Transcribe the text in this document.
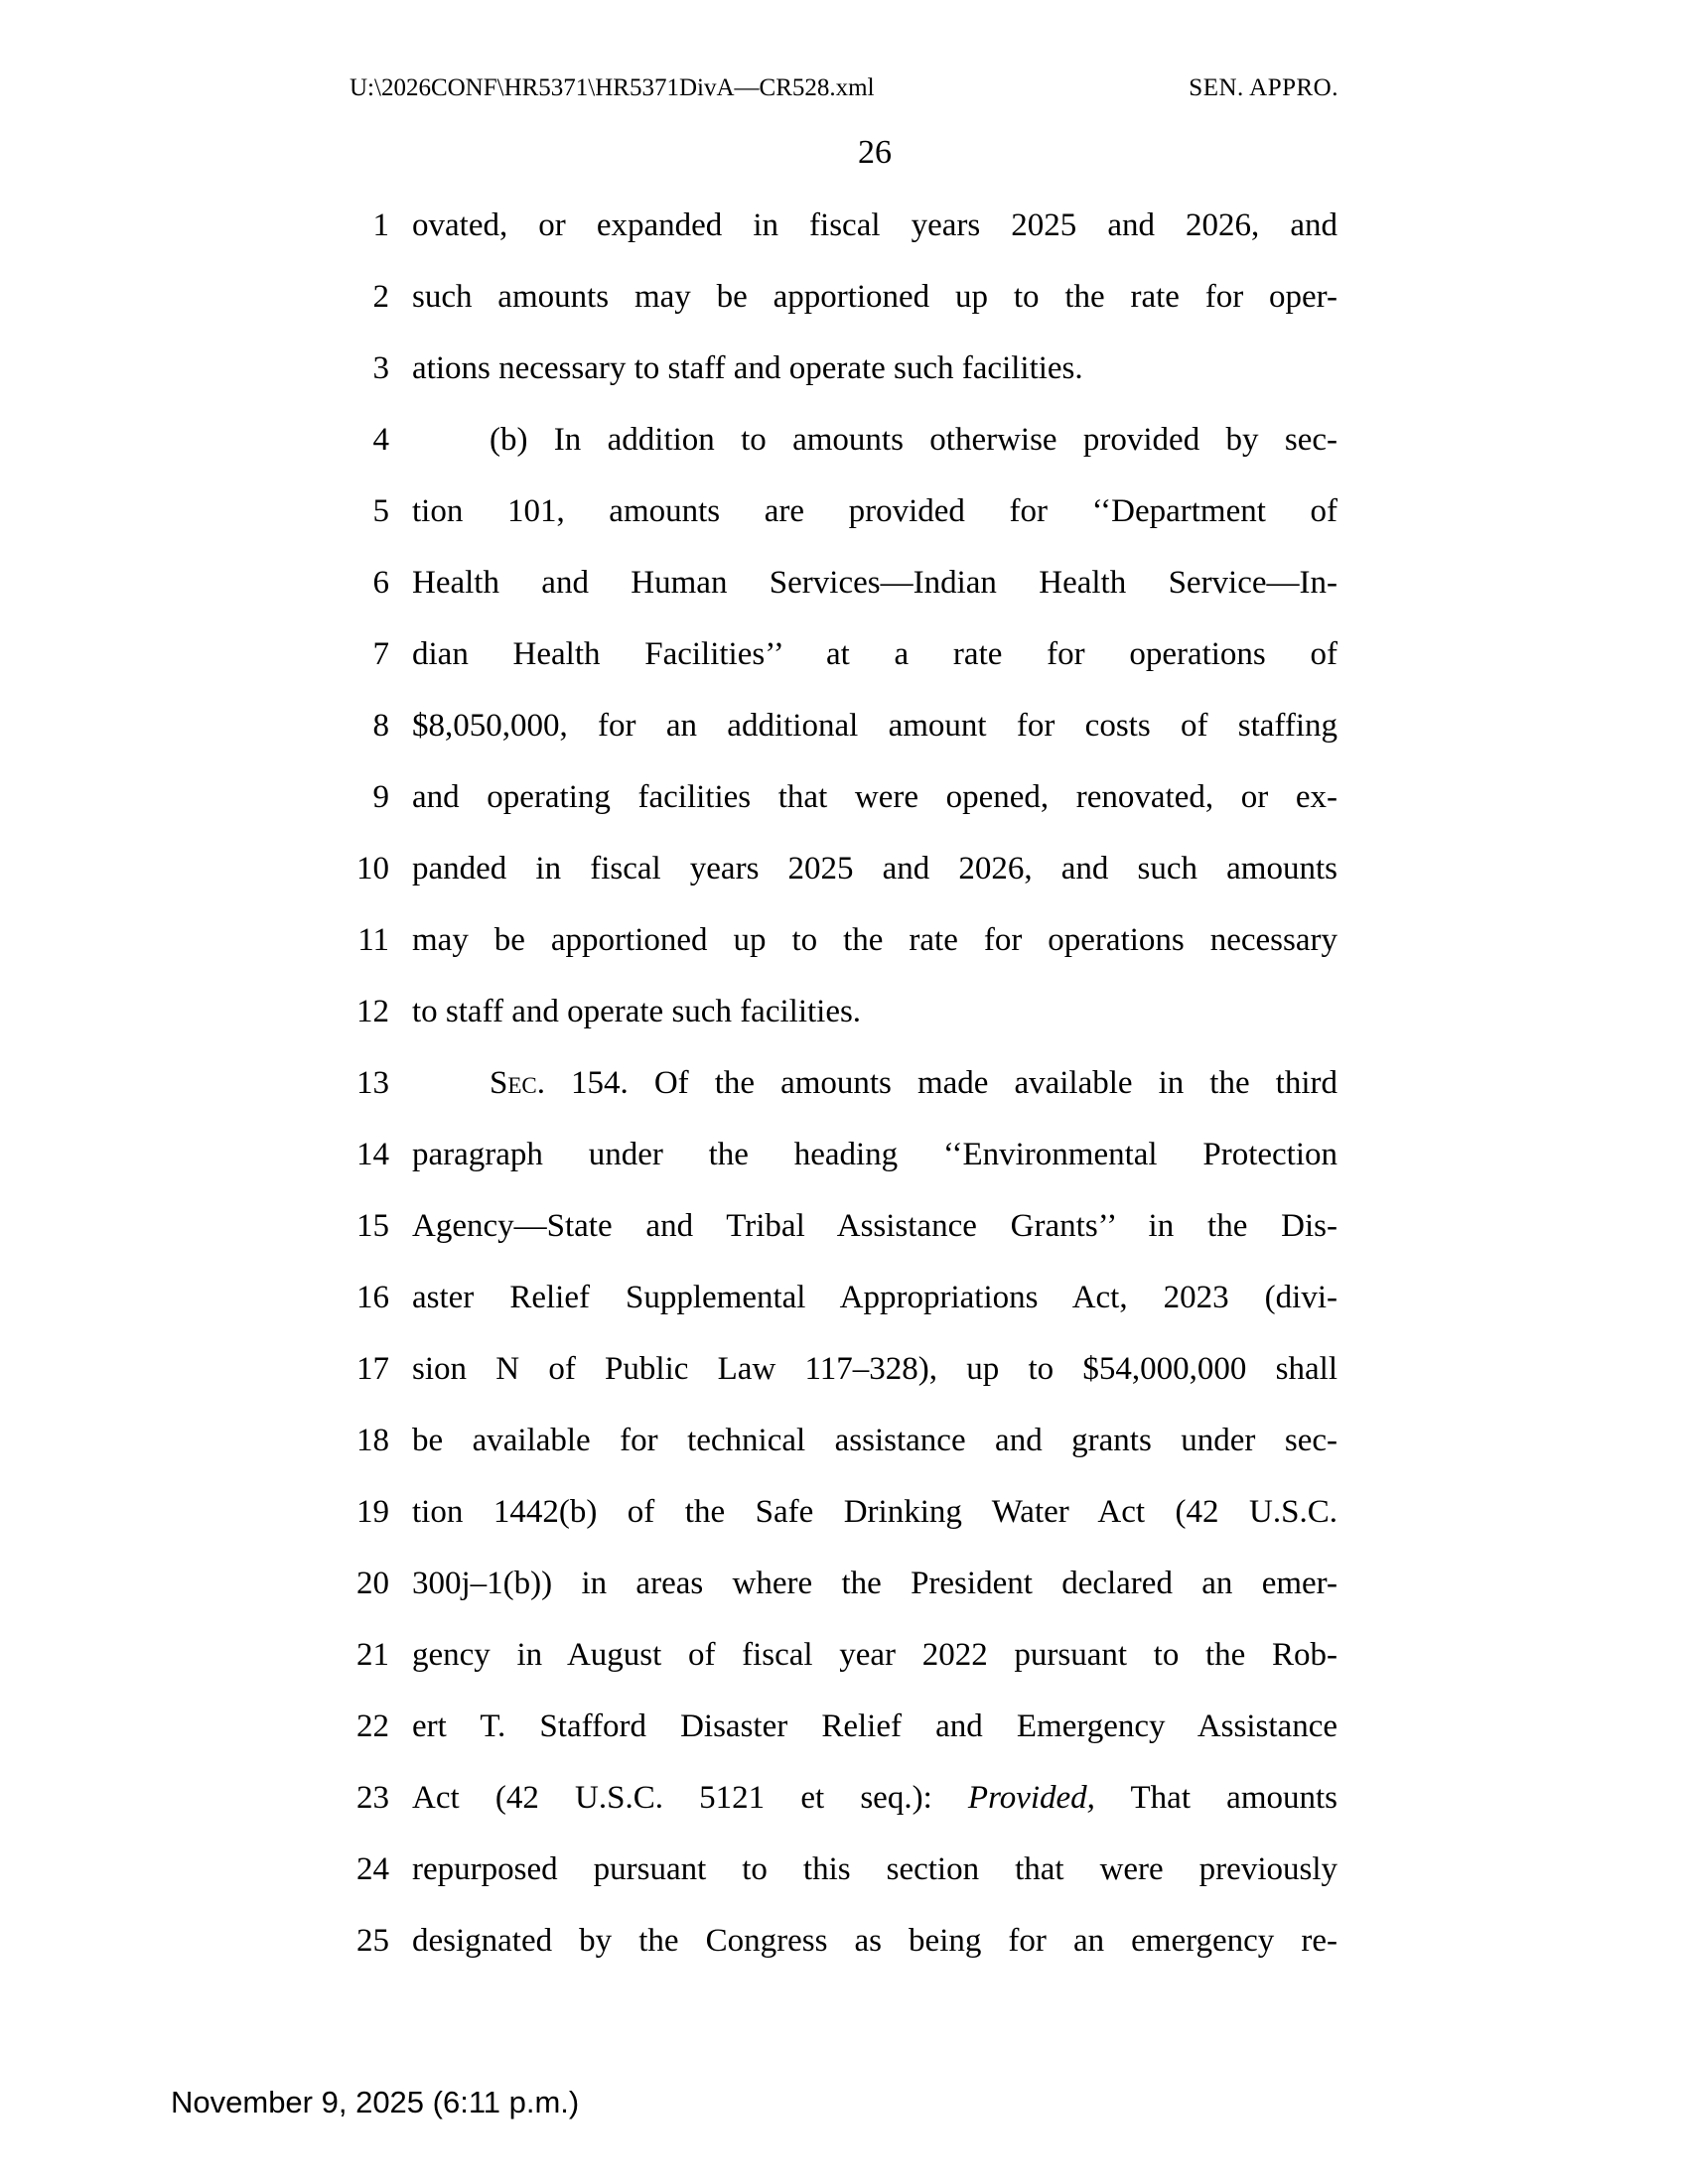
U:\2026CONF\HR5371\HR5371DivA—CR528.xml	SEN. APPRO.
26
1 ovated, or expanded in fiscal years 2025 and 2026, and
2 such amounts may be apportioned up to the rate for oper-
3 ations necessary to staff and operate such facilities.
4	(b) In addition to amounts otherwise provided by sec-
5 tion 101, amounts are provided for ‘‘Department of
6 Health and Human Services—Indian Health Service—In-
7 dian Health Facilities’’ at a rate for operations of
8 $8,050,000, for an additional amount for costs of staffing
9 and operating facilities that were opened, renovated, or ex-
10 panded in fiscal years 2025 and 2026, and such amounts
11 may be apportioned up to the rate for operations necessary
12 to staff and operate such facilities.
13	Sec. 154. Of the amounts made available in the third
14 paragraph under the heading ‘‘Environmental Protection
15 Agency—State and Tribal Assistance Grants’’ in the Dis-
16 aster Relief Supplemental Appropriations Act, 2023 (divi-
17 sion N of Public Law 117–328), up to $54,000,000 shall
18 be available for technical assistance and grants under sec-
19 tion 1442(b) of the Safe Drinking Water Act (42 U.S.C.
20 300j–1(b)) in areas where the President declared an emer-
21 gency in August of fiscal year 2022 pursuant to the Rob-
22 ert T. Stafford Disaster Relief and Emergency Assistance
23 Act (42 U.S.C. 5121 et seq.): Provided, That amounts
24 repurposed pursuant to this section that were previously
25 designated by the Congress as being for an emergency re-
November 9, 2025 (6:11 p.m.)
